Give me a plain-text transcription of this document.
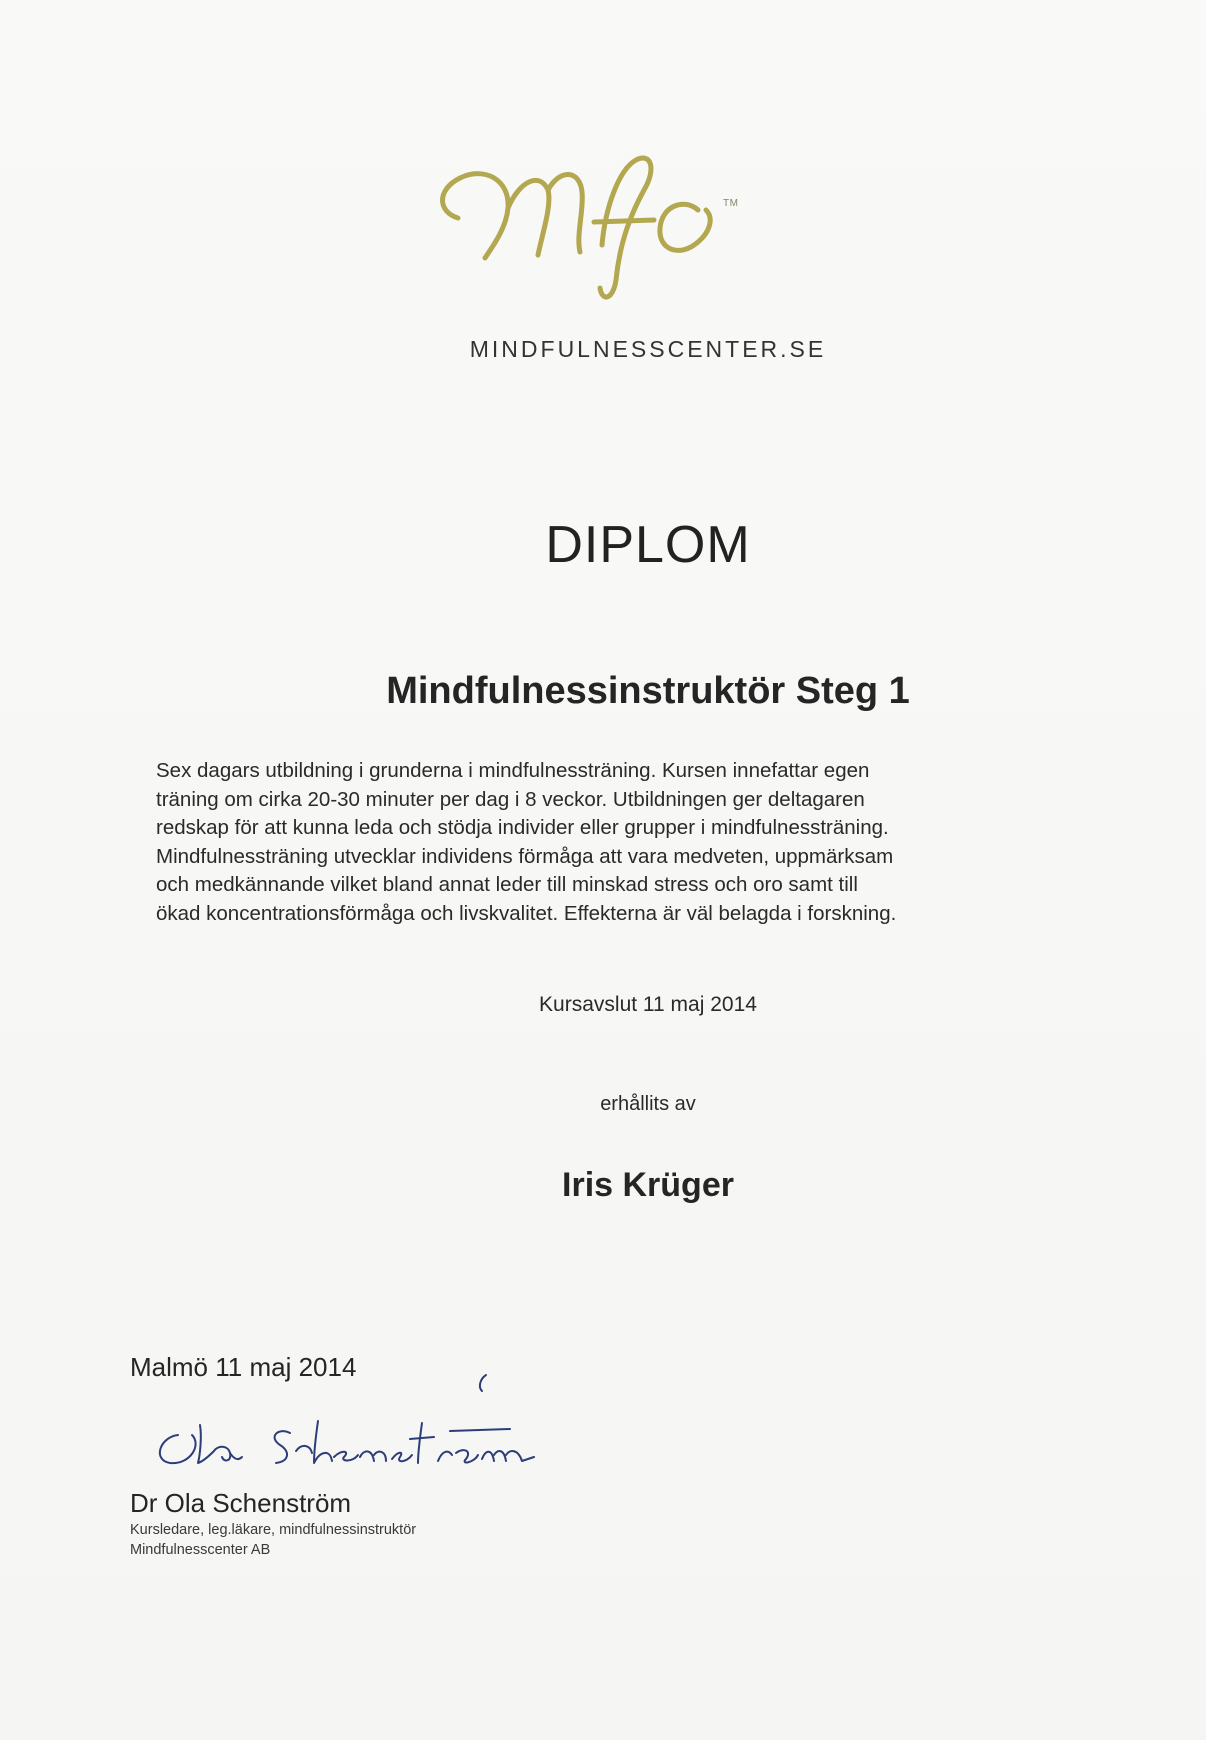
TM
MINDFULNESSCENTER.SE
DIPLOM
Mindfulnessinstruktör Steg 1
Sex dagars utbildning i grunderna i mindfulnessträning. Kursen innefattar egen
träning om cirka 20-30 minuter per dag i 8 veckor. Utbildningen ger deltagaren
redskap för att kunna leda och stödja individer eller grupper i mindfulnessträning.
Mindfulnessträning utvecklar individens förmåga att vara medveten, uppmärksam
och medkännande vilket bland annat leder till minskad stress och oro samt till
ökad koncentrationsförmåga och livskvalitet. Effekterna är väl belagda i forskning.
Kursavslut 11 maj 2014
erhållits av
Iris Krüger
Malmö 11 maj 2014
Dr Ola Schenström
Kursledare, leg.läkare, mindfulnessinstruktör
Mindfulnesscenter AB
